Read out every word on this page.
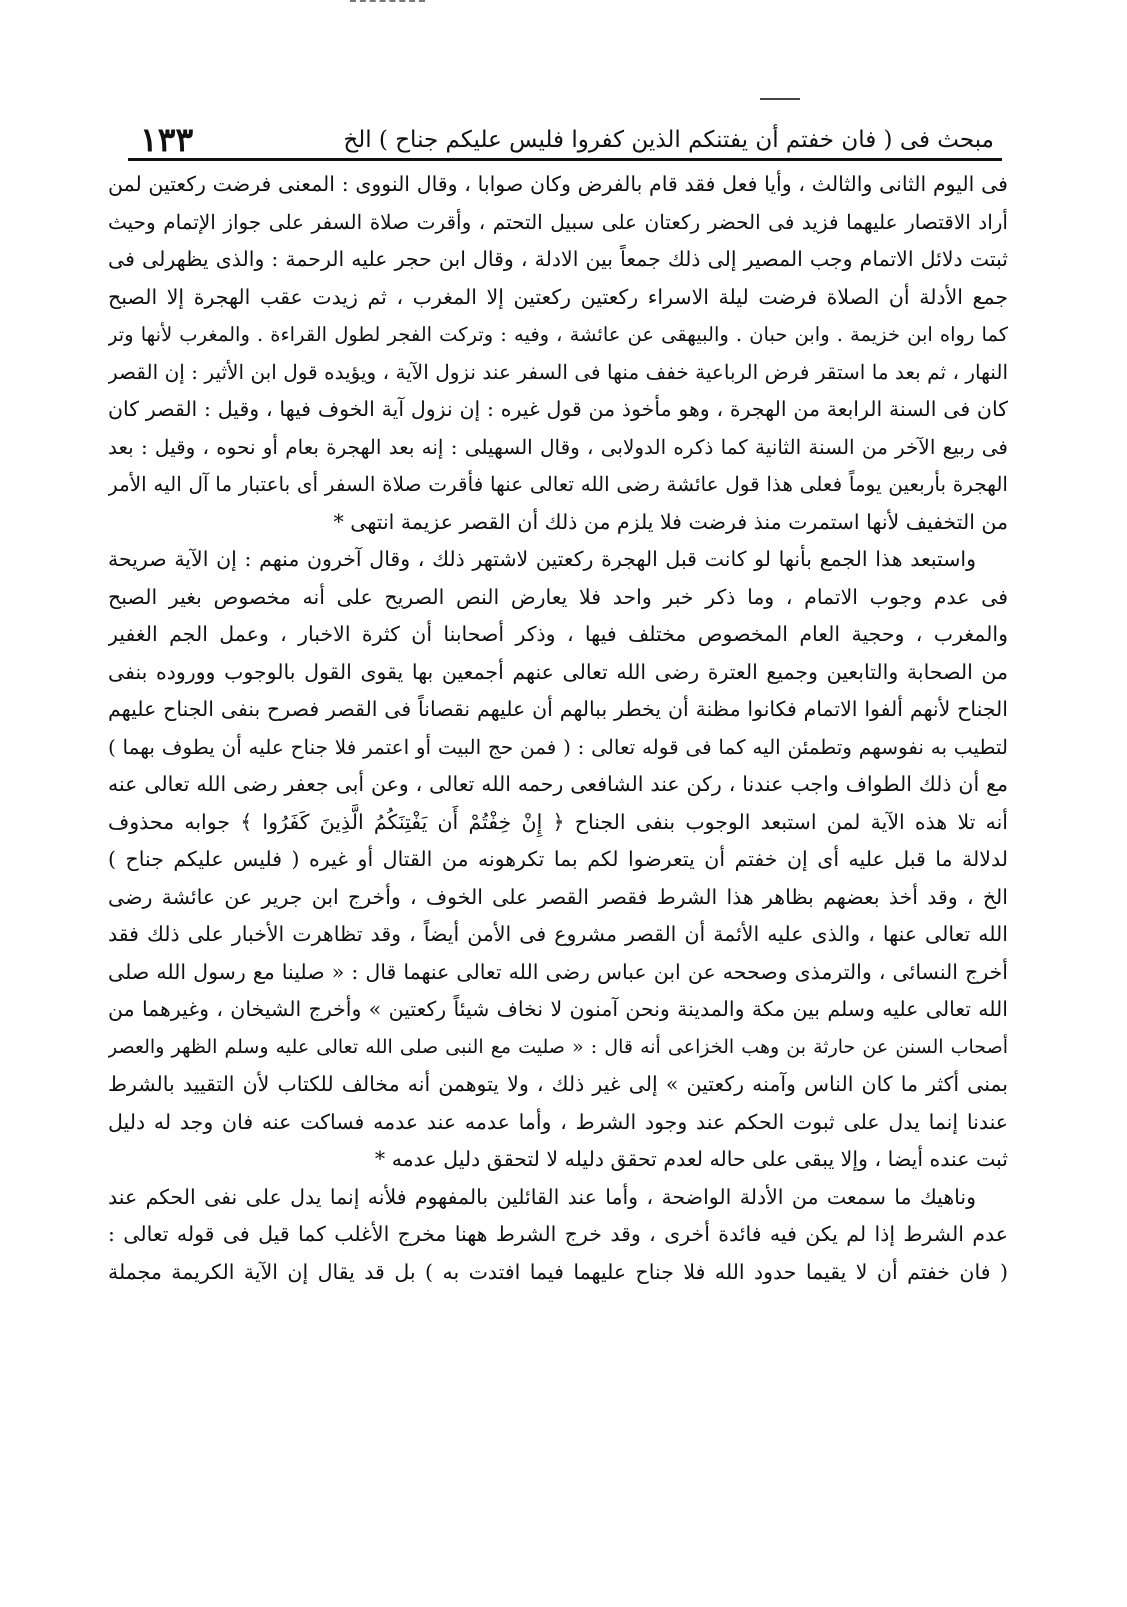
١٣٣	مبحث فى ( فان خفتم أن يفتنكم الذين كفروا فليس عليكم جناح ) الخ
فى اليوم الثانى والثالث ، وأيا فعل فقد قام بالفرض وكان صوابا ، وقال النووى : المعنى فرضت ركعتين لمن
أراد الاقتصار عليهما فزيد فى الحضر ركعتان على سبيل التحتم ، وأقرت صلاة السفر على جواز الإتمام وحيث
ثبتت دلائل الاتمام وجب المصير إلى ذلك جمعاً بين الادلة ، وقال ابن حجر عليه الرحمة : والذى يظهرلى فى
جمع الأدلة أن الصلاة فرضت ليلة الاسراء ركعتين ركعتين إلا المغرب ، ثم زيدت عقب الهجرة إلا الصبح
كما رواه ابن خزيمة . وابن حبان . والبيهقى عن عائشة ، وفيه : وتركت الفجر لطول القراءة . والمغرب لأنها وتر
النهار ، ثم بعد ما استقر فرض الرباعية خفف منها فى السفر عند نزول الآية ، ويؤيده قول ابن الأثير : إن القصر
كان فى السنة الرابعة من الهجرة ، وهو مأخوذ من قول غيره : إن نزول آية الخوف فيها ، وقيل : القصر كان
فى ربيع الآخر من السنة الثانية كما ذكره الدولابى ، وقال السهيلى : إنه بعد الهجرة بعام أو نحوه ، وقيل : بعد
الهجرة بأربعين يوماً فعلى هذا قول عائشة رضى الله تعالى عنها فأقرت صلاة السفر أى باعتبار ما آل اليه الأمر
من التخفيف لأنها استمرت منذ فرضت فلا يلزم من ذلك أن القصر عزيمة انتهى *
واستبعد هذا الجمع بأنها لو كانت قبل الهجرة ركعتين لاشتهر ذلك ، وقال آخرون منهم : إن الآية صريحة
فى عدم وجوب الاتمام ، وما ذكر خبر واحد فلا يعارض النص الصريح على أنه مخصوص بغير الصبح
والمغرب ، وحجية العام المخصوص مختلف فيها ، وذكر أصحابنا أن كثرة الاخبار ، وعمل الجم الغفير
من الصحابة والتابعين وجميع العترة رضى الله تعالى عنهم أجمعين بها يقوى القول بالوجوب ووروده بنفى
الجناح لأنهم ألفوا الاتمام فكانوا مظنة أن يخطر ببالهم أن عليهم نقصاناً فى القصر فصرح بنفى الجناح عليهم
لتطيب به نفوسهم وتطمئن اليه كما فى قوله تعالى : ( فمن حج البيت أو اعتمر فلا جناح عليه أن يطوف بهما )
مع أن ذلك الطواف واجب عندنا ، ركن عند الشافعى رحمه الله تعالى ، وعن أبى جعفر رضى الله تعالى عنه
أنه تلا هذه الآية لمن استبعد الوجوب بنفى الجناح ﴿ إِنْ خِفْتُمْ أَن يَفْتِنَكُمُ الَّذِينَ كَفَرُوا ﴾ جوابه محذوف
لدلالة ما قبل عليه أى إن خفتم أن يتعرضوا لكم بما تكرهونه من القتال أو غيره ( فليس عليكم جناح )
الخ ، وقد أخذ بعضهم بظاهر هذا الشرط فقصر القصر على الخوف ، وأخرج ابن جرير عن عائشة رضى
الله تعالى عنها ، والذى عليه الأئمة أن القصر مشروع فى الأمن أيضاً ، وقد تظاهرت الأخبار على ذلك فقد
أخرج النسائى ، والترمذى وصححه عن ابن عباس رضى الله تعالى عنهما قال : « صلينا مع رسول الله صلى
الله تعالى عليه وسلم بين مكة والمدينة ونحن آمنون لا نخاف شيئاً ركعتين » وأخرج الشيخان ، وغيرهما من
أصحاب السنن عن حارثة بن وهب الخزاعى أنه قال : « صليت مع النبى صلى الله تعالى عليه وسلم الظهر والعصر
بمنى أكثر ما كان الناس وآمنه ركعتين » إلى غير ذلك ، ولا يتوهمن أنه مخالف للكتاب لأن التقييد بالشرط
عندنا إنما يدل على ثبوت الحكم عند وجود الشرط ، وأما عدمه عند عدمه فساكت عنه فان وجد له دليل
ثبت عنده أيضا ، وإلا يبقى على حاله لعدم تحقق دليله لا لتحقق دليل عدمه *
وناهيك ما سمعت من الأدلة الواضحة ، وأما عند القائلين بالمفهوم فلأنه إنما يدل على نفى الحكم عند
عدم الشرط إذا لم يكن فيه فائدة أخرى ، وقد خرج الشرط ههنا مخرج الأغلب كما قيل فى قوله تعالى :
( فان خفتم أن لا يقيما حدود الله فلا جناح عليهما فيما افتدت به ) بل قد يقال إن الآية الكريمة مجملة
